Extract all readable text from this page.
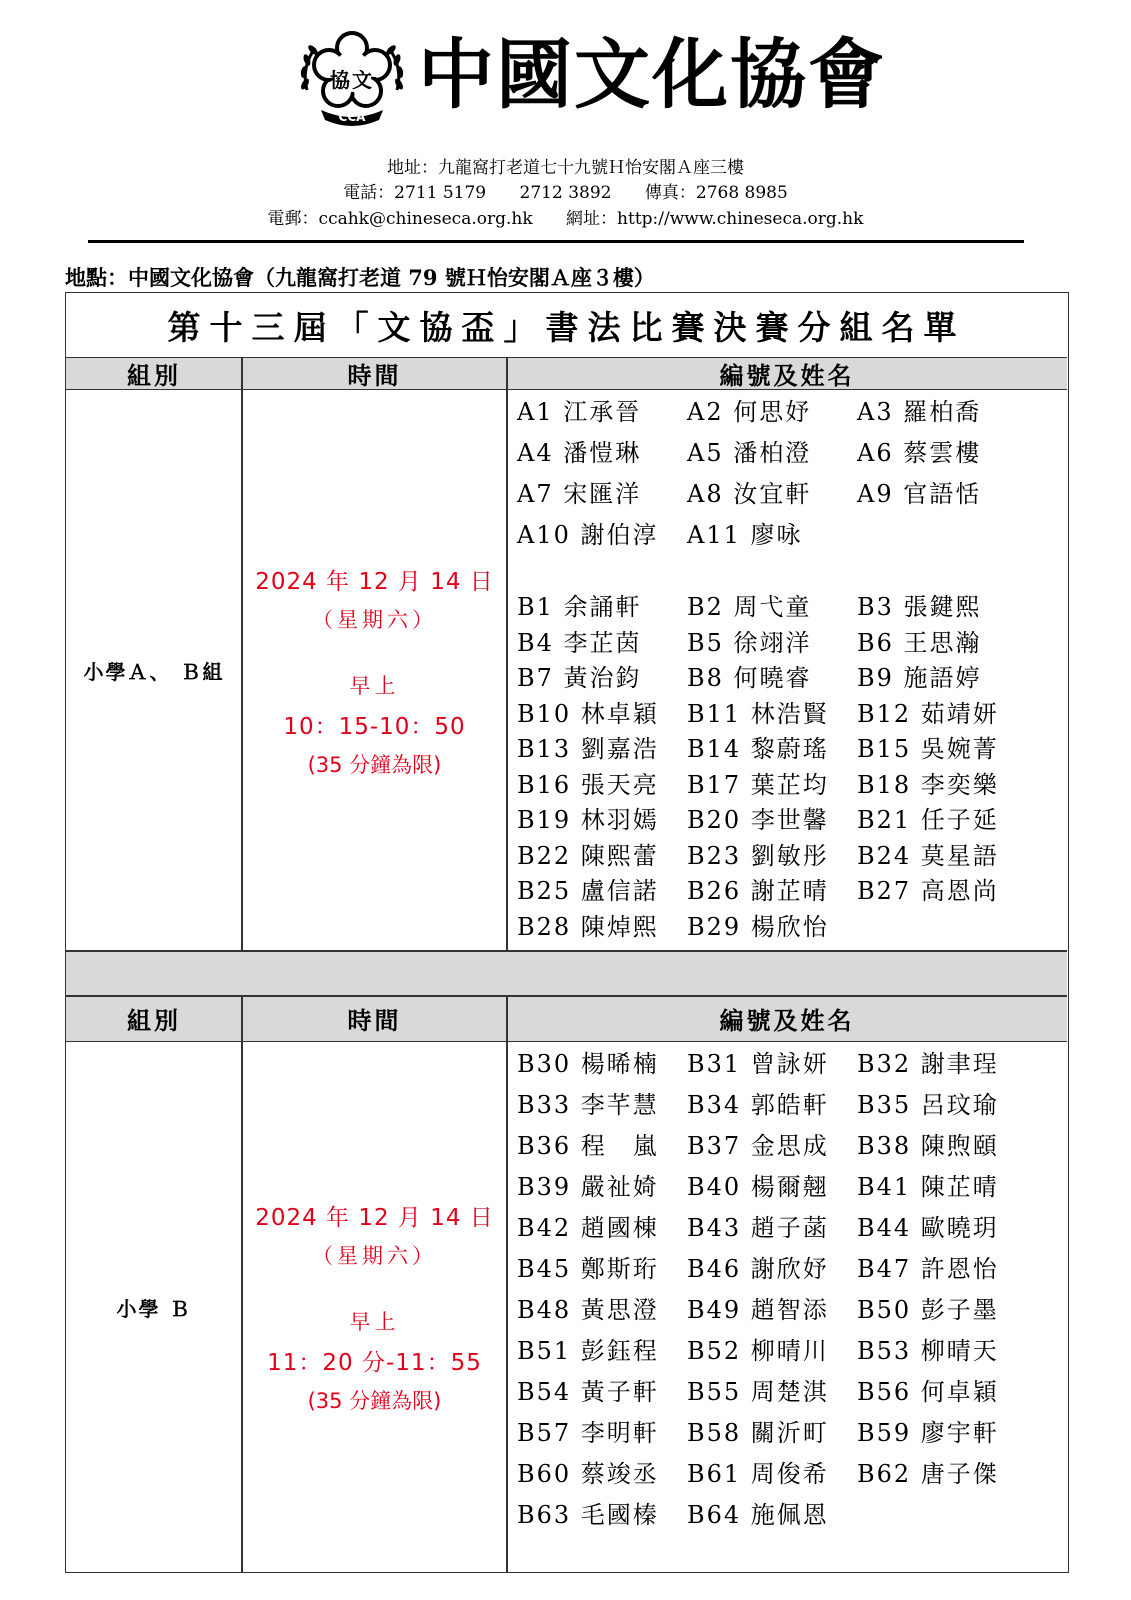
協文
CCA 中國文化協會
地址：九龍窩打老道七十九號Ｈ怡安閣Ａ座三樓
電話：2711 5179 2712 3892 傳真：2768 8985
電郵：ccahk@chineseca.org.hk 網址：http://www.chineseca.org.hk
地點：中國文化協會（九龍窩打老道 79 號Ｈ怡安閣Ａ座３樓）
第十三屆「文協盃」書法比賽決賽分組名單
組別	時間	編號及姓名
小學Ａ、 Ｂ組
2024 年 12 月 14 日
（星期六）
早上
10：15-10：50
(35 分鐘為限)
A1 江承晉 A2 何思妤 A3 羅柏喬
A4 潘愷琳 A5 潘柏澄 A6 蔡雲樓
A7 宋匯洋 A8 汝宜軒 A9 官語恬
A10 謝伯淳 A11 廖咏
B1 余誦軒 B2 周弋童 B3 張鍵熙
B4 李芷茵 B5 徐翊洋 B6 王思瀚
B7 黃治鈞 B8 何曉睿 B9 施語婷
B10 林卓穎 B11 林浩賢 B12 茹靖妍
B13 劉嘉浩 B14 黎蔚瑤 B15 吳婉菁
B16 張天亮 B17 葉芷均 B18 李奕樂
B19 林羽嫣 B20 李世馨 B21 任子延
B22 陳熙蕾 B23 劉敏彤 B24 莫星語
B25 盧信諾 B26 謝芷晴 B27 高恩尚
B28 陳焯熙 B29 楊欣怡
組別	時間	編號及姓名
小學 Ｂ
2024 年 12 月 14 日
（星期六）
早上
11：20 分-11：55
(35 分鐘為限)
B30 楊晞楠 B31 曾詠妍 B32 謝聿珵
B33 李芊慧 B34 郭皓軒 B35 呂玟瑜
B36 程　嵐 B37 金思成 B38 陳煦頤
B39 嚴祉婍 B40 楊爾翹 B41 陳芷晴
B42 趙國棟 B43 趙子菡 B44 歐曉玥
B45 鄭斯珩 B46 謝欣妤 B47 許恩怡
B48 黃思澄 B49 趙智添 B50 彭子墨
B51 彭鈺程 B52 柳晴川 B53 柳晴天
B54 黃子軒 B55 周楚淇 B56 何卓穎
B57 李明軒 B58 關沂町 B59 廖宇軒
B60 蔡竣丞 B61 周俊希 B62 唐子傑
B63 毛國榛 B64 施佩恩
